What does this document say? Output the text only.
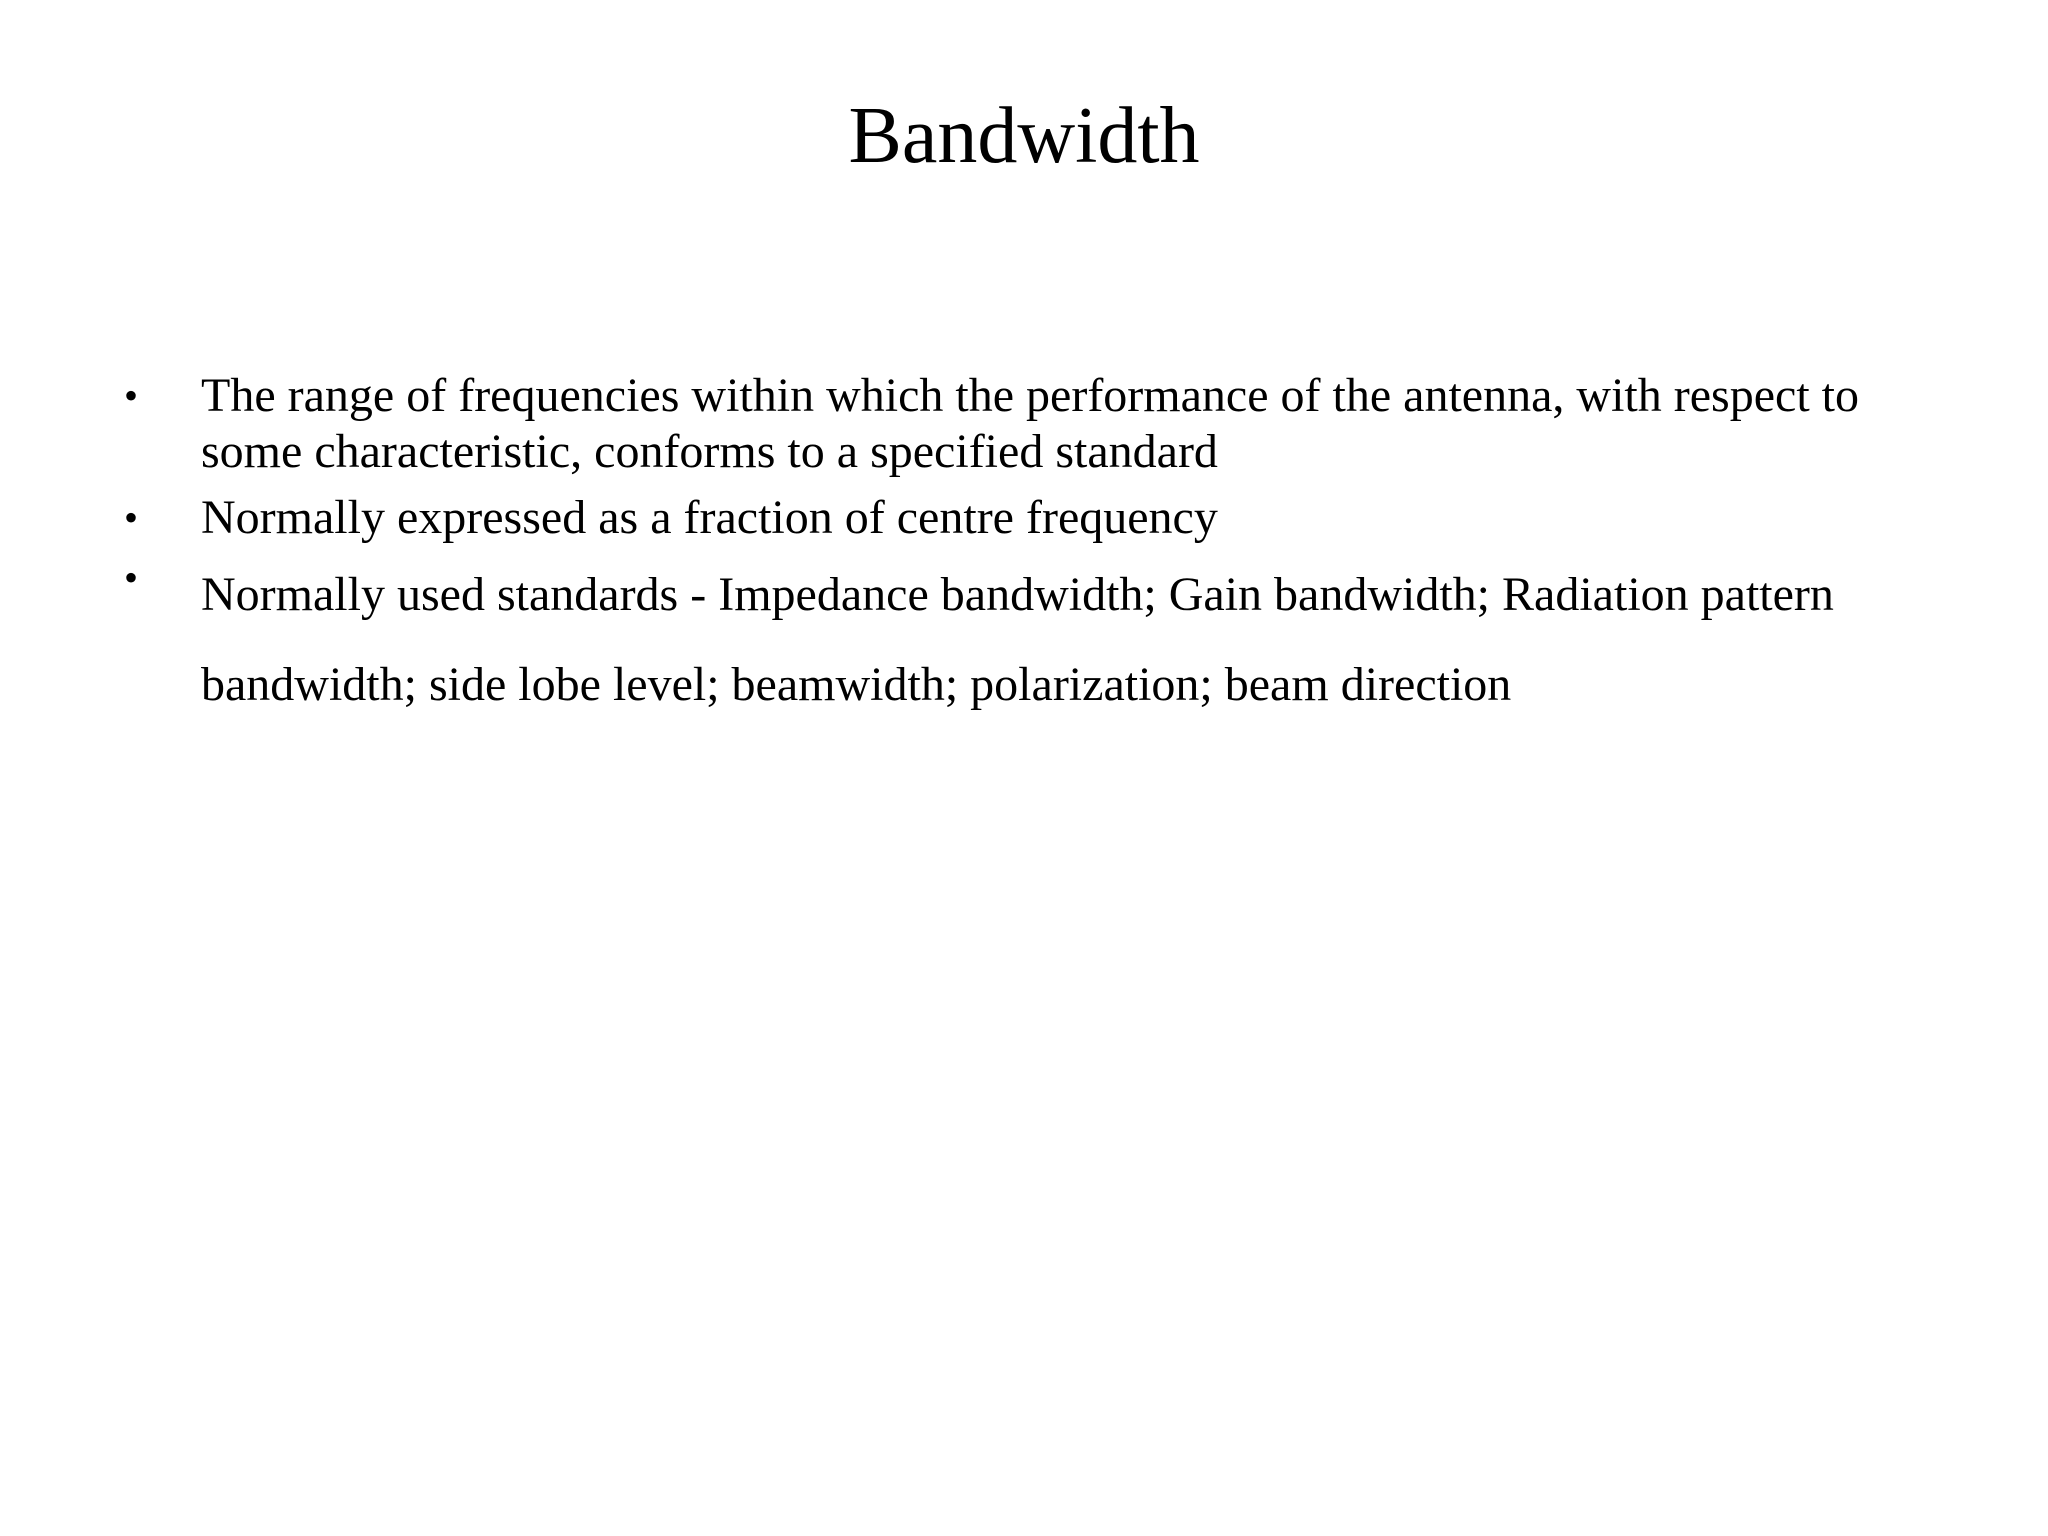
Bandwidth
• The range of frequencies within which the performance of the antenna, with respect to some characteristic, conforms to a specified standard
• Normally expressed as a fraction of centre frequency
• Normally used standards - Impedance bandwidth; Gain bandwidth; Radiation pattern bandwidth; side lobe level; beamwidth; polarization; beam direction
